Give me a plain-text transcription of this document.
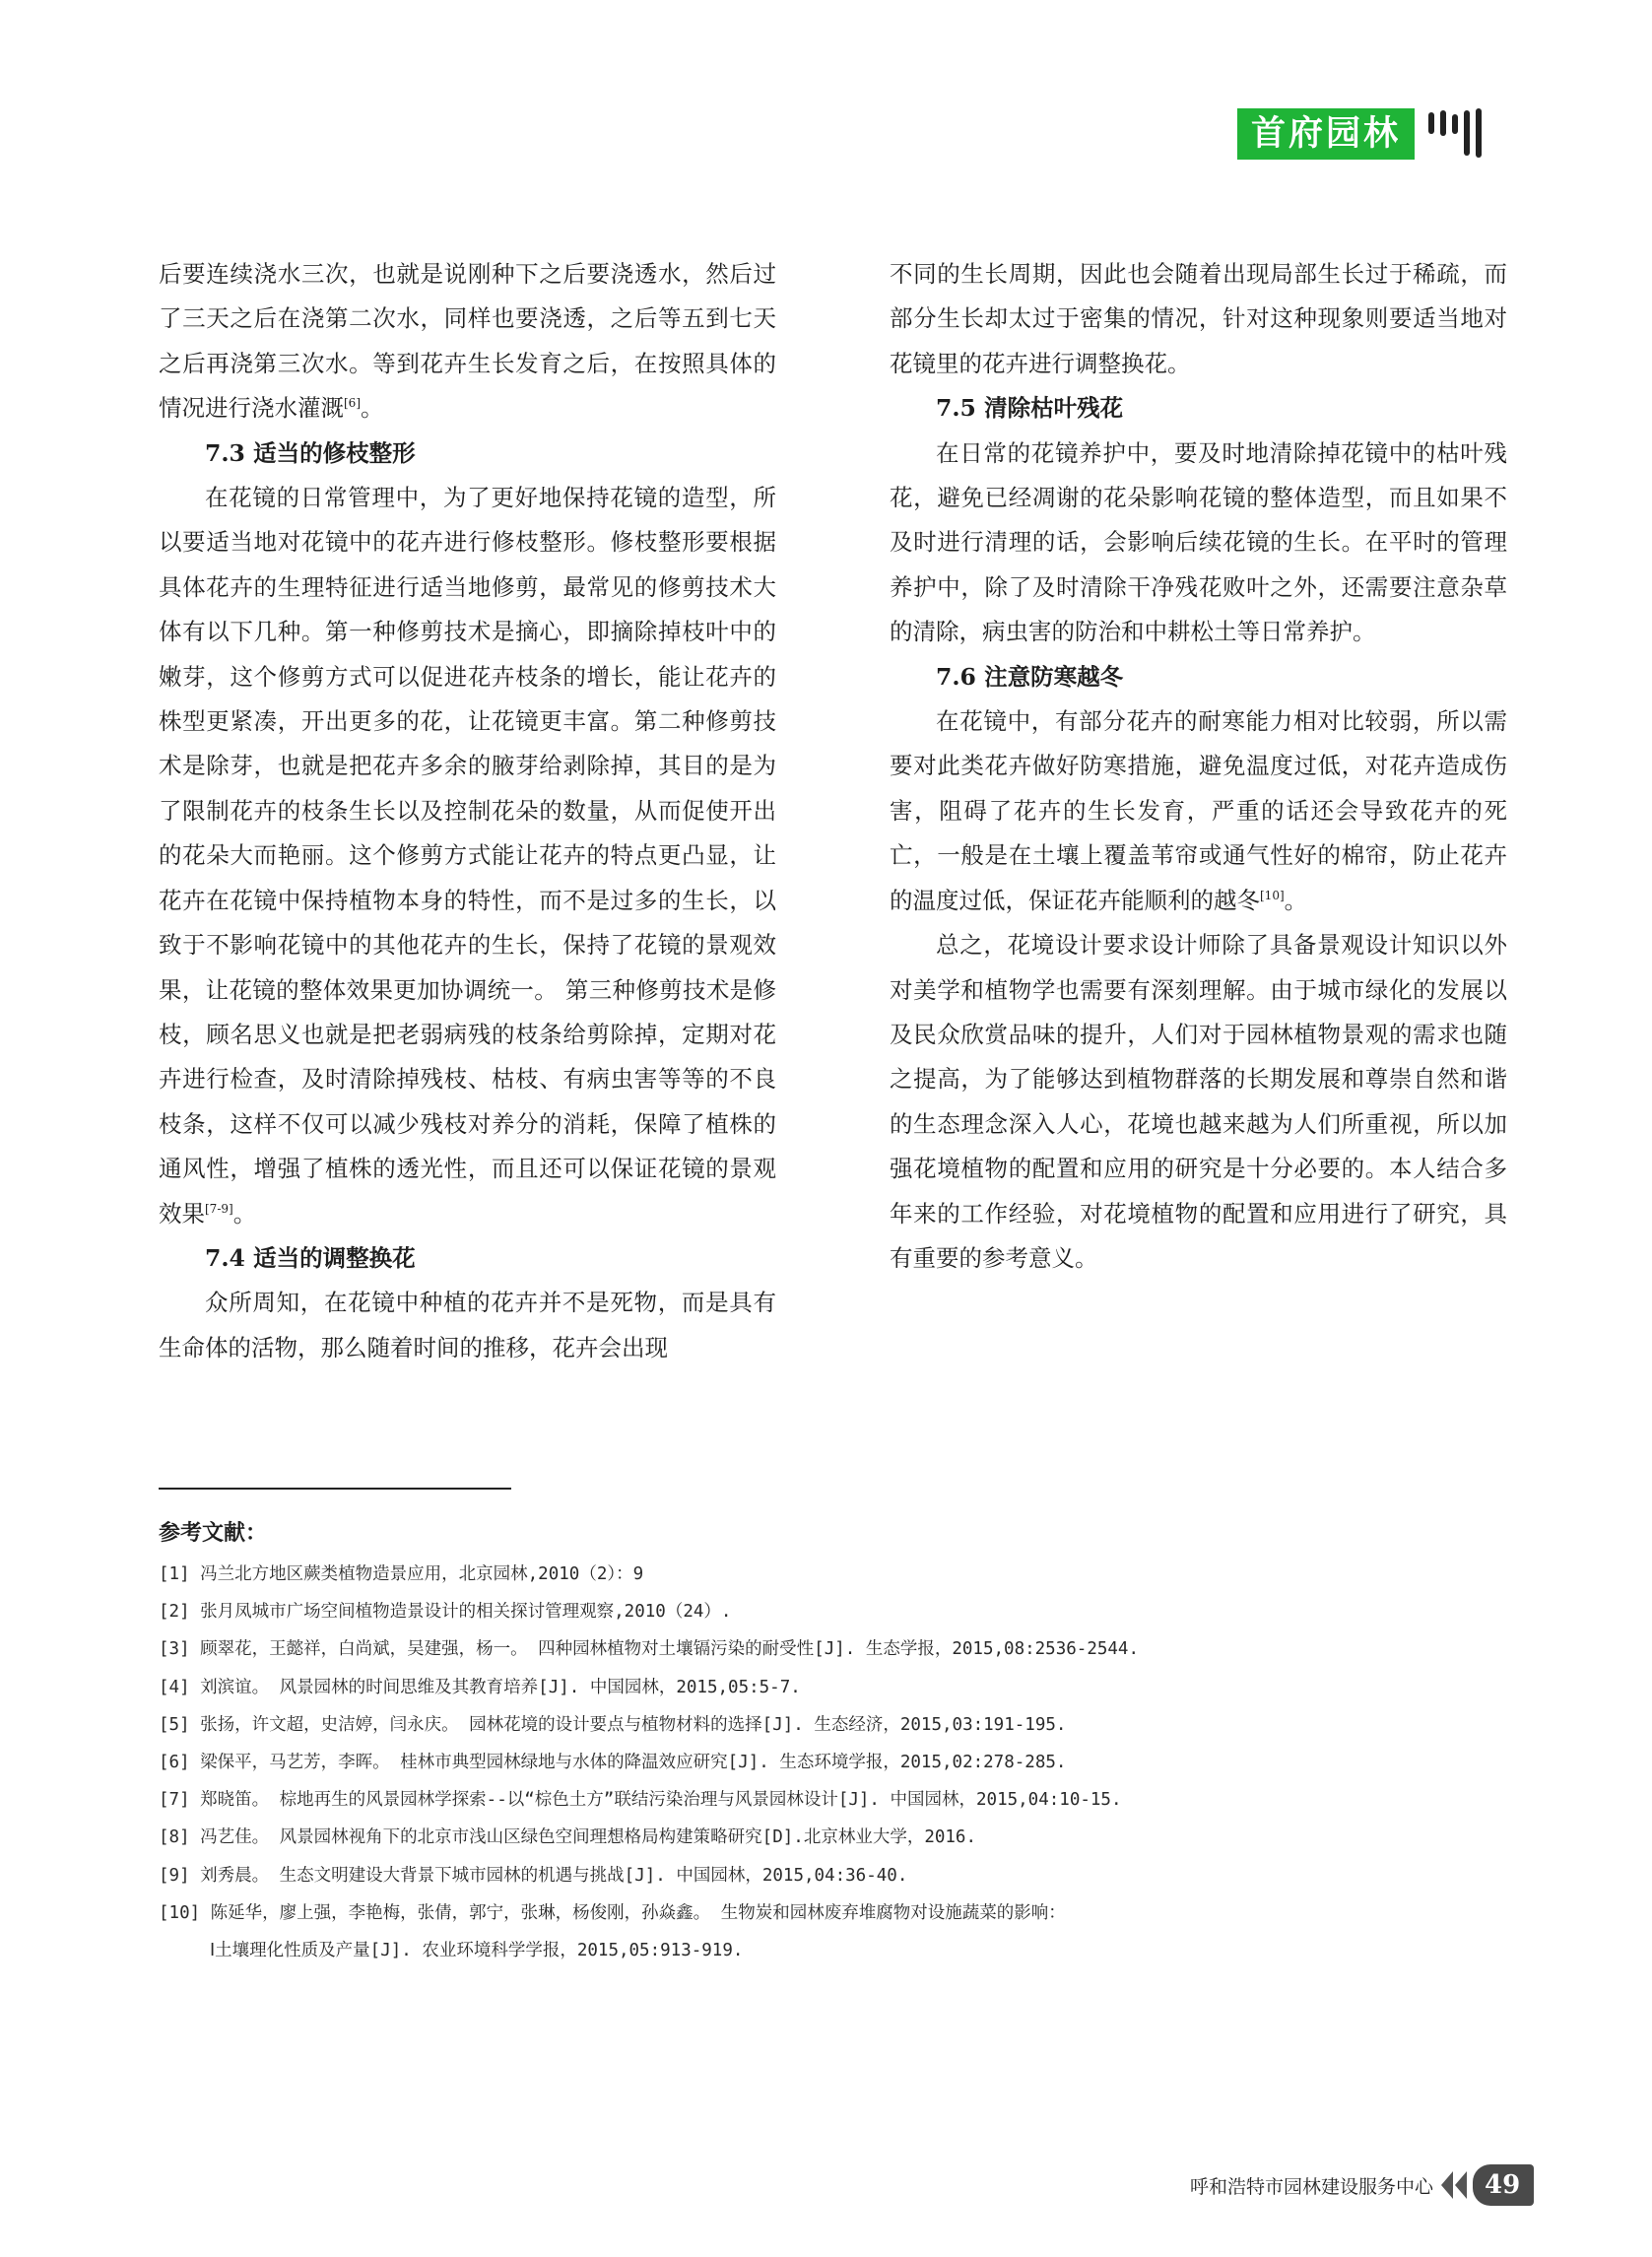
首府园林

后要连续浇水三次，也就是说刚种下之后要浇透水，然后过了三天之后在浇第二次水，同样也要浇透，之后等五到七天之后再浇第三次水。等到花卉生长发育之后，在按照具体的情况进行浇水灌溉[6]。

7.3 适当的修枝整形

在花镜的日常管理中，为了更好地保持花镜的造型，所以要适当地对花镜中的花卉进行修枝整形。修枝整形要根据具体花卉的生理特征进行适当地修剪，最常见的修剪技术大体有以下几种。第一种修剪技术是摘心，即摘除掉枝叶中的嫩芽，这个修剪方式可以促进花卉枝条的增长，能让花卉的株型更紧凑，开出更多的花，让花镜更丰富。第二种修剪技术是除芽，也就是把花卉多余的腋芽给剥除掉，其目的是为了限制花卉的枝条生长以及控制花朵的数量，从而促使开出的花朵大而艳丽。这个修剪方式能让花卉的特点更凸显，让花卉在花镜中保持植物本身的特性，而不是过多的生长，以致于不影响花镜中的其他花卉的生长，保持了花镜的景观效果，让花镜的整体效果更加协调统一。 第三种修剪技术是修枝，顾名思义也就是把老弱病残的枝条给剪除掉，定期对花卉进行检查，及时清除掉残枝、枯枝、有病虫害等等的不良枝条，这样不仅可以减少残枝对养分的消耗，保障了植株的通风性，增强了植株的透光性，而且还可以保证花镜的景观效果[7-9]。

7.4 适当的调整换花

众所周知，在花镜中种植的花卉并不是死物，而是具有生命体的活物，那么随着时间的推移，花卉会出现

不同的生长周期，因此也会随着出现局部生长过于稀疏，而部分生长却太过于密集的情况，针对这种现象则要适当地对花镜里的花卉进行调整换花。

7.5 清除枯叶残花

在日常的花镜养护中，要及时地清除掉花镜中的枯叶残花，避免已经凋谢的花朵影响花镜的整体造型，而且如果不及时进行清理的话，会影响后续花镜的生长。在平时的管理养护中，除了及时清除干净残花败叶之外，还需要注意杂草的清除，病虫害的防治和中耕松土等日常养护。

7.6 注意防寒越冬

在花镜中，有部分花卉的耐寒能力相对比较弱，所以需要对此类花卉做好防寒措施，避免温度过低，对花卉造成伤害，阻碍了花卉的生长发育，严重的话还会导致花卉的死亡，一般是在土壤上覆盖苇帘或通气性好的棉帘，防止花卉的温度过低，保证花卉能顺利的越冬[10]。

总之，花境设计要求设计师除了具备景观设计知识以外对美学和植物学也需要有深刻理解。由于城市绿化的发展以及民众欣赏品味的提升，人们对于园林植物景观的需求也随之提高，为了能够达到植物群落的长期发展和尊崇自然和谐的生态理念深入人心，花境也越来越为人们所重视，所以加强花境植物的配置和应用的研究是十分必要的。本人结合多年来的工作经验，对花境植物的配置和应用进行了研究，具有重要的参考意义。

参考文献：

[1] 冯兰北方地区蕨类植物造景应用，北京园林,2010（2）：9
[2] 张月凤城市广场空间植物造景设计的相关探讨管理观察,2010（24）.
[3] 顾翠花，王懿祥，白尚斌，吴建强，杨一。 四种园林植物对土壤镉污染的耐受性[J]. 生态学报，2015,08:2536-2544.
[4] 刘滨谊。 风景园林的时间思维及其教育培养[J]. 中国园林，2015,05:5-7.
[5] 张扬，许文超，史洁婷，闫永庆。 园林花境的设计要点与植物材料的选择[J]. 生态经济，2015,03:191-195.
[6] 梁保平，马艺芳，李晖。 桂林市典型园林绿地与水体的降温效应研究[J]. 生态环境学报，2015,02:278-285.
[7] 郑晓笛。 棕地再生的风景园林学探索--以“棕色土方”联结污染治理与风景园林设计[J]. 中国园林，2015,04:10-15.
[8] 冯艺佳。 风景园林视角下的北京市浅山区绿色空间理想格局构建策略研究[D].北京林业大学，2016.
[9] 刘秀晨。 生态文明建设大背景下城市园林的机遇与挑战[J]. 中国园林，2015,04:36-40.
[10] 陈延华，廖上强，李艳梅，张倩，郭宁，张琳，杨俊刚，孙焱鑫。 生物炭和园林废弃堆腐物对设施蔬菜的影响：
Ⅰ土壤理化性质及产量[J]. 农业环境科学学报，2015,05:913-919.
呼和浩特市园林建设服务中心	49
